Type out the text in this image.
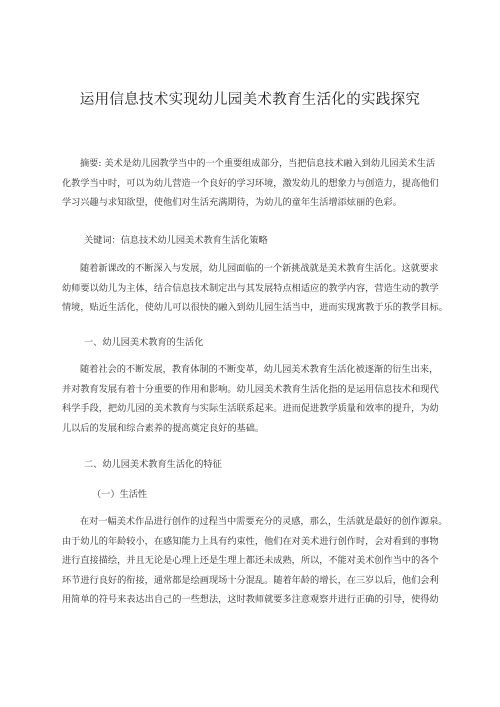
运用信息技术实现幼儿园美术教育生活化的实践探究
摘要: 美术是幼儿园教学当中的一个重要组成部分，当把信息技术融入到幼儿园美术生活
化教学当中时，可以为幼儿营造一个良好的学习环境，激发幼儿的想象力与创造力，提高他们
学习兴趣与求知欲望，使他们对生活充满期待，为幼儿的童年生活增添炫丽的色彩。
关键词：信息技术幼儿园美术教育生活化策略
随着新课改的不断深入与发展，幼儿园面临的一个新挑战就是美术教育生活化。这就要求
幼师要以幼儿为主体，结合信息技术制定出与其发展特点相适应的教学内容，营造生动的教学
情境，贴近生活化，使幼儿可以很快的融入到幼儿园生活当中，进而实现寓教于乐的教学目标。
一、幼儿园美术教育的生活化
随着社会的不断发展，教育体制的不断变革，幼儿园美术教育生活化被逐渐的衍生出来，
并对教育发展有着十分重要的作用和影响。幼儿园美术教育生活化指的是运用信息技术和现代
科学手段，把幼儿园的美术教育与实际生活联系起来。进而促进教学质量和效率的提升，为幼
儿以后的发展和综合素养的提高奠定良好的基础。
二、幼儿园美术教育生活化的特征
（一）生活性
在对一幅美术作品进行创作的过程当中需要充分的灵感，那么，生活就是最好的创作源泉。
由于幼儿的年龄较小，在感知能力上具有约束性，他们在对美术进行创作时，会对看到的事物
进行直接描绘，并且无论是心理上还是生理上都还未成熟，所以，不能对美术创作当中的各个
环节进行良好的衔接，通常都是绘画现场十分混乱。随着年龄的增长，在三岁以后，他们会利
用简单的符号来表达出自己的一些想法，这时教师就要多注意观察并进行正确的引导，使得幼
